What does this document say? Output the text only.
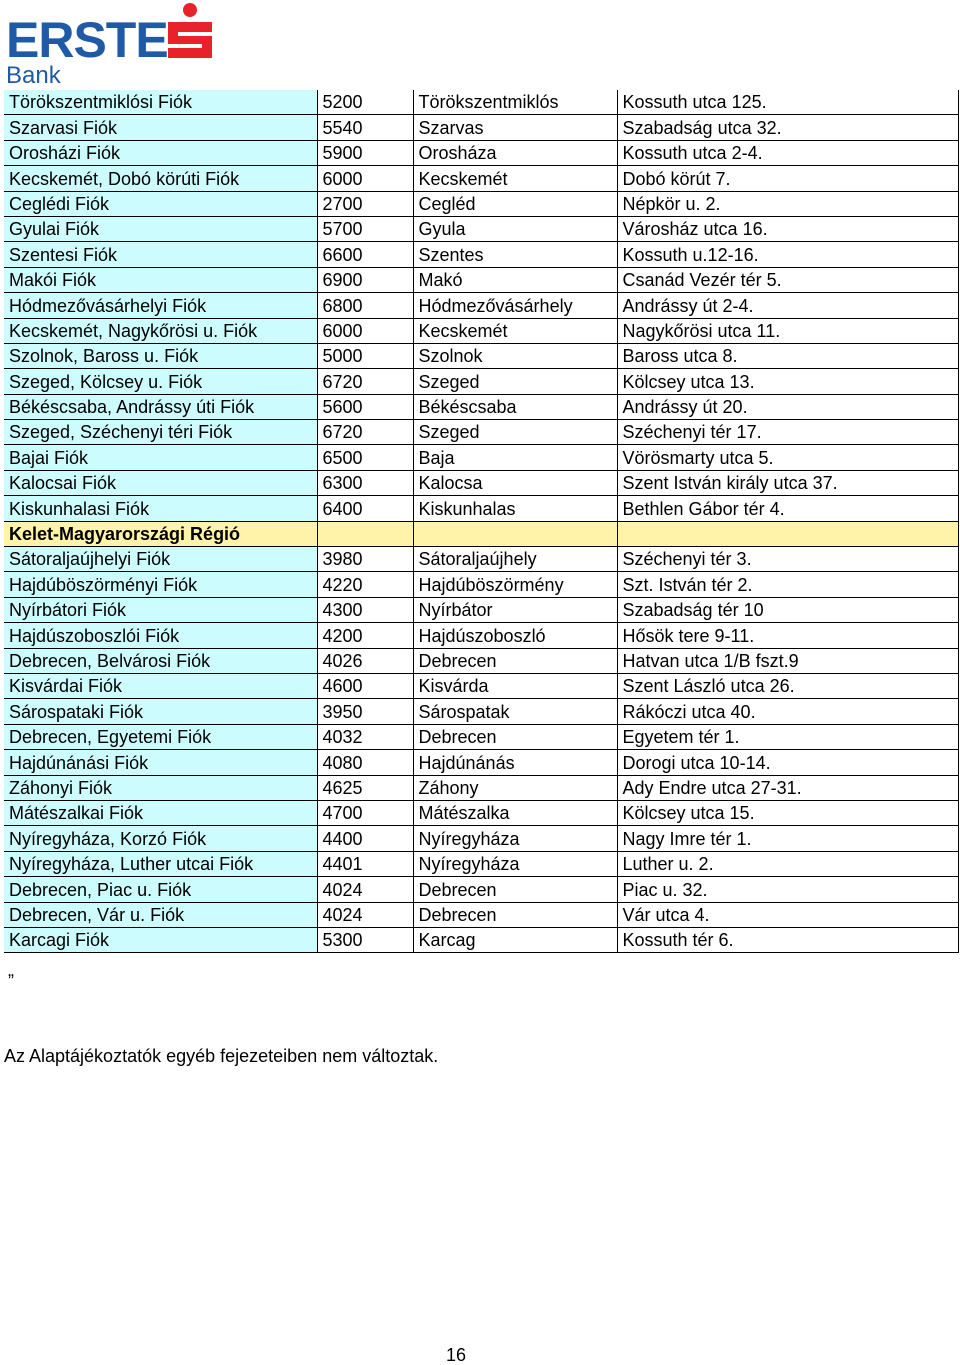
ERSTE
Bank
Törökszentmiklósi Fiók	5200	Törökszentmiklós	Kossuth utca 125.
Szarvasi Fiók	5540	Szarvas	Szabadság utca 32.
Orosházi Fiók	5900	Orosháza	Kossuth utca 2-4.
Kecskemét, Dobó körúti Fiók	6000	Kecskemét	Dobó körút 7.
Ceglédi Fiók	2700	Cegléd	Népkör u. 2.
Gyulai Fiók	5700	Gyula	Városház utca 16.
Szentesi Fiók	6600	Szentes	Kossuth u.12-16.
Makói Fiók	6900	Makó	Csanád Vezér tér 5.
Hódmezővásárhelyi Fiók	6800	Hódmezővásárhely	Andrássy út 2-4.
Kecskemét, Nagykőrösi u. Fiók	6000	Kecskemét	Nagykőrösi utca 11.
Szolnok, Baross u. Fiók	5000	Szolnok	Baross utca 8.
Szeged, Kölcsey u. Fiók	6720	Szeged	Kölcsey utca 13.
Békéscsaba, Andrássy úti Fiók	5600	Békéscsaba	Andrássy út 20.
Szeged, Széchenyi téri Fiók	6720	Szeged	Széchenyi tér 17.
Bajai Fiók	6500	Baja	Vörösmarty utca 5.
Kalocsai Fiók	6300	Kalocsa	Szent István király utca 37.
Kiskunhalasi Fiók	6400	Kiskunhalas	Bethlen Gábor tér 4.
Kelet-Magyarországi Régió			
Sátoraljaújhelyi Fiók	3980	Sátoraljaújhely	Széchenyi tér 3.
Hajdúböszörményi Fiók	4220	Hajdúböszörmény	Szt. István tér 2.
Nyírbátori Fiók	4300	Nyírbátor	Szabadság tér 10
Hajdúszoboszlói Fiók	4200	Hajdúszoboszló	Hősök tere 9-11.
Debrecen, Belvárosi Fiók	4026	Debrecen	Hatvan utca 1/B fszt.9
Kisvárdai Fiók	4600	Kisvárda	Szent László utca 26.
Sárospataki Fiók	3950	Sárospatak	Rákóczi utca 40.
Debrecen, Egyetemi Fiók	4032	Debrecen	Egyetem tér 1.
Hajdúnánási Fiók	4080	Hajdúnánás	Dorogi utca 10-14.
Záhonyi Fiók	4625	Záhony	Ady Endre utca 27-31.
Mátészalkai Fiók	4700	Mátészalka	Kölcsey utca 15.
Nyíregyháza, Korzó Fiók	4400	Nyíregyháza	Nagy Imre tér 1.
Nyíregyháza, Luther utcai Fiók	4401	Nyíregyháza	Luther u. 2.
Debrecen, Piac u. Fiók	4024	Debrecen	Piac u. 32.
Debrecen, Vár u. Fiók	4024	Debrecen	Vár utca 4.
Karcagi Fiók	5300	Karcag	Kossuth tér 6.
„
Az Alaptájékoztatók egyéb fejezeteiben nem változtak.
16
